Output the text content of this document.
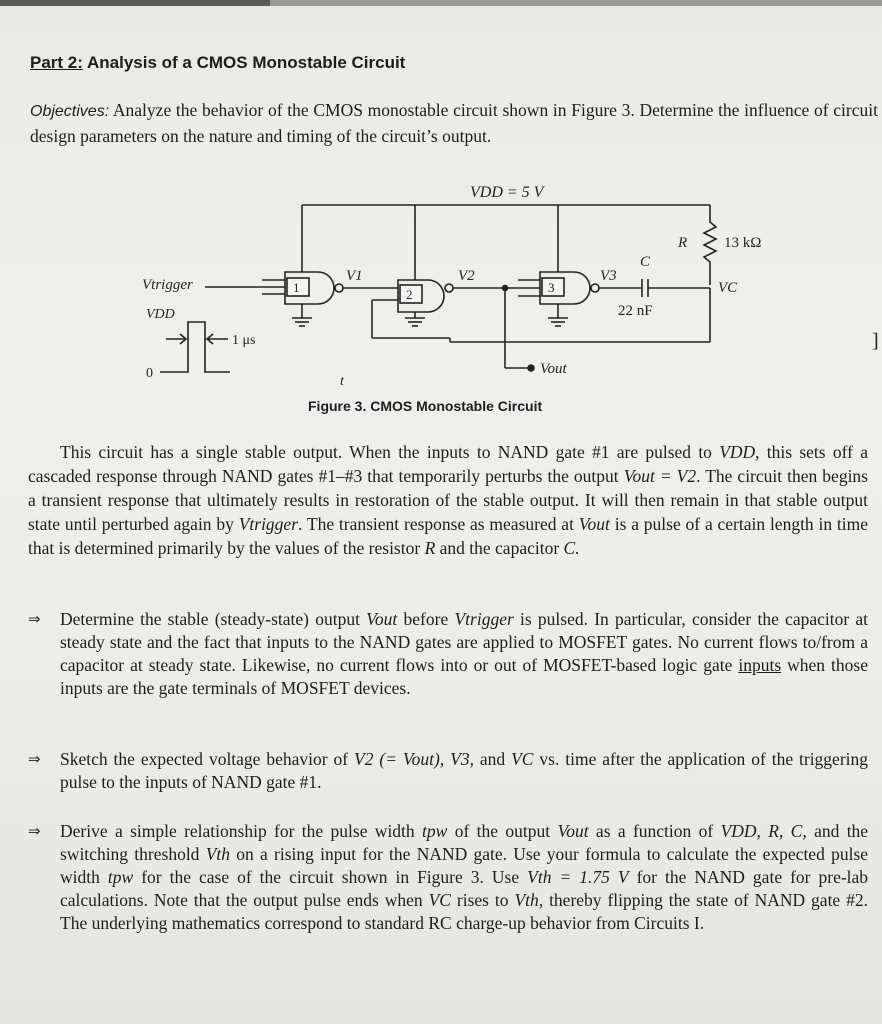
Part 2: Analysis of a CMOS Monostable Circuit
Objectives: Analyze the behavior of the CMOS monostable circuit shown in Figure 3. Determine the influence of circuit design parameters on the nature and timing of the circuit’s output.
VDD = 5 V
R 13 kΩ
Vtrigger	1
V1
2
V2
Vout
3
V3
C
22 nF
VC
VDD
0
1 μs
t
Figure 3. CMOS Monostable Circuit
This circuit has a single stable output. When the inputs to NAND gate #1 are pulsed to VDD, this sets off a cascaded response through NAND gates #1–#3 that temporarily perturbs the output Vout = V2. The circuit then begins a transient response that ultimately results in restoration of the stable output. It will then remain in that stable output state until perturbed again by Vtrigger. The transient response as measured at Vout is a pulse of a certain length in time that is determined primarily by the values of the resistor R and the capacitor C.
⇒ Determine the stable (steady-state) output Vout before Vtrigger is pulsed. In particular, consider the capacitor at steady state and the fact that inputs to the NAND gates are applied to MOSFET gates. No current flows to/from a capacitor at steady state. Likewise, no current flows into or out of MOSFET-based logic gate inputs when those inputs are the gate terminals of MOSFET devices.
⇒ Sketch the expected voltage behavior of V2 (= Vout), V3, and VC vs. time after the application of the triggering pulse to the inputs of NAND gate #1.
⇒ Derive a simple relationship for the pulse width tpw of the output Vout as a function of VDD, R, C, and the switching threshold Vth on a rising input for the NAND gate. Use your formula to calculate the expected pulse width tpw for the case of the circuit shown in Figure 3. Use Vth = 1.75 V for the NAND gate for pre-lab calculations. Note that the output pulse ends when VC rises to Vth, thereby flipping the state of NAND gate #2. The underlying mathematics correspond to standard RC charge-up behavior from Circuits I.
]
